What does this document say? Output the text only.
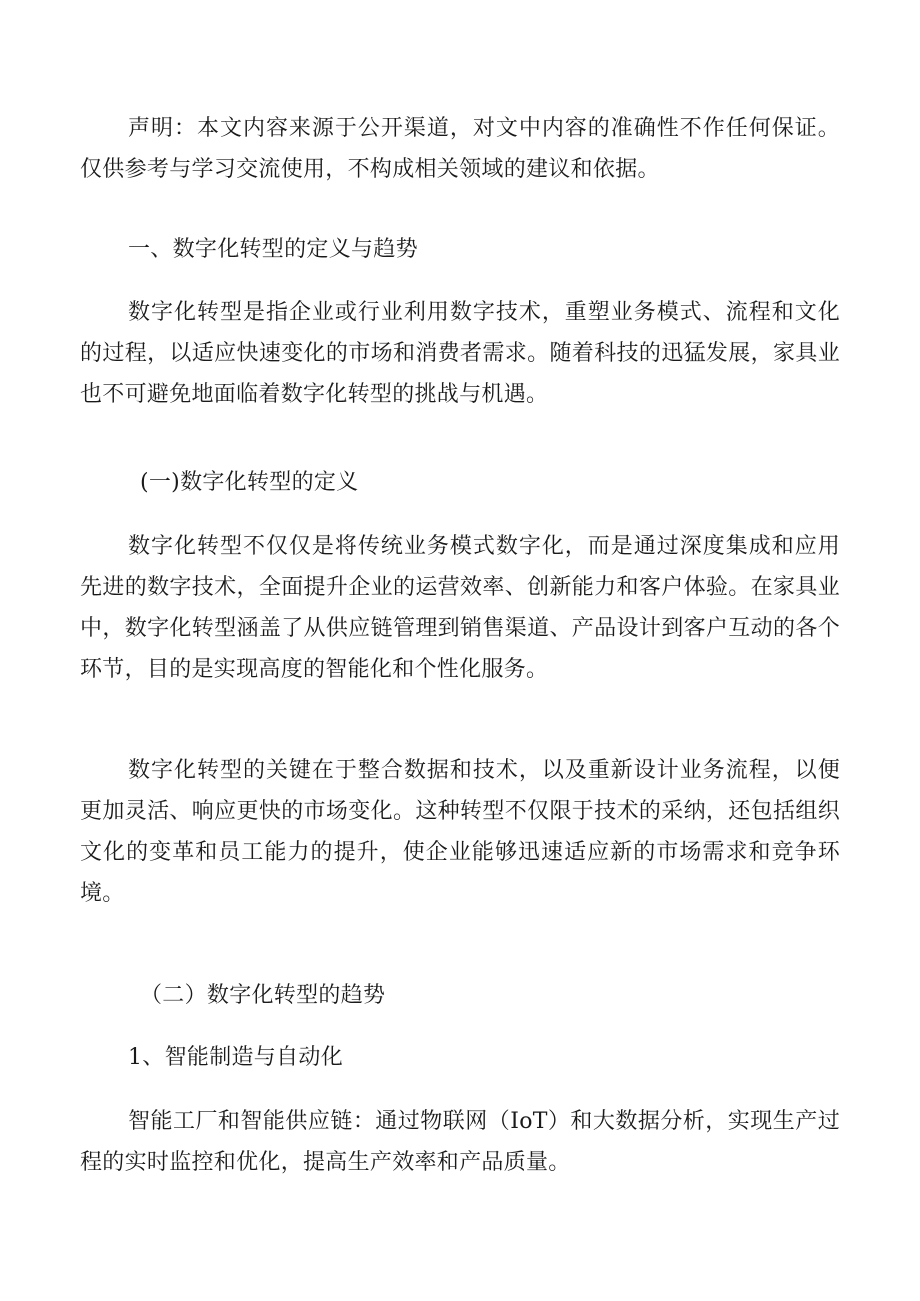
声明：本文内容来源于公开渠道，对文中内容的准确性不作任何保证。仅供参考与学习交流使用，不构成相关领域的建议和依据。

一、数字化转型的定义与趋势

数字化转型是指企业或行业利用数字技术，重塑业务模式、流程和文化的过程，以适应快速变化的市场和消费者需求。随着科技的迅猛发展，家具业也不可避免地面临着数字化转型的挑战与机遇。

(一)数字化转型的定义

数字化转型不仅仅是将传统业务模式数字化，而是通过深度集成和应用先进的数字技术，全面提升企业的运营效率、创新能力和客户体验。在家具业中，数字化转型涵盖了从供应链管理到销售渠道、产品设计到客户互动的各个环节，目的是实现高度的智能化和个性化服务。

数字化转型的关键在于整合数据和技术，以及重新设计业务流程，以便更加灵活、响应更快的市场变化。这种转型不仅限于技术的采纳，还包括组织文化的变革和员工能力的提升，使企业能够迅速适应新的市场需求和竞争环境。

（二）数字化转型的趋势

1、智能制造与自动化

智能工厂和智能供应链：通过物联网（IoT）和大数据分析，实现生产过程的实时监控和优化，提高生产效率和产品质量。
